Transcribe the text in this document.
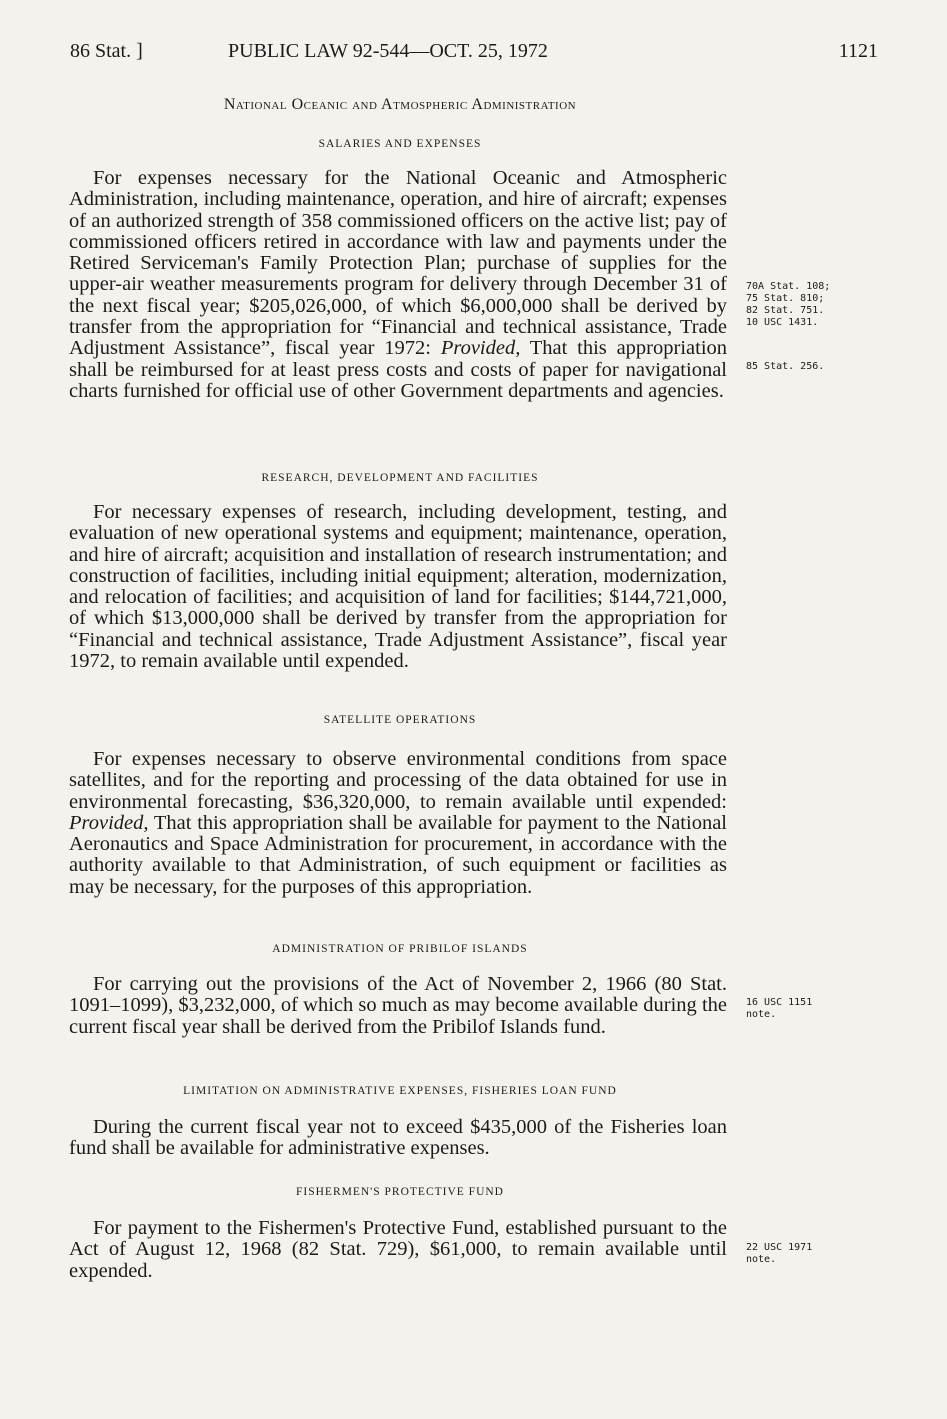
86 Stat. ]	PUBLIC LAW 92-544—OCT. 25, 1972	1121
National Oceanic and Atmospheric Administration
SALARIES AND EXPENSES

For expenses necessary for the National Oceanic and Atmospheric Administration, including maintenance, operation, and hire of aircraft; expenses of an authorized strength of 358 commissioned officers on the active list; pay of commissioned officers retired in accordance with law and payments under the Retired Serviceman's Family Protection Plan; purchase of supplies for the upper-air weather measurements program for delivery through December 31 of the next fiscal year; $205,026,000, of which $6,000,000 shall be derived by transfer from the appropriation for “Financial and technical assistance, Trade Adjustment Assistance”, fiscal year 1972: Provided, That this appropriation shall be reimbursed for at least press costs and costs of paper for navigational charts furnished for official use of other Government departments and agencies.

70A Stat. 108;
75 Stat. 810;
82 Stat. 751.
10 USC 1431.
85 Stat. 256.
RESEARCH, DEVELOPMENT AND FACILITIES

For necessary expenses of research, including development, testing, and evaluation of new operational systems and equipment; maintenance, operation, and hire of aircraft; acquisition and installation of research instrumentation; and construction of facilities, including initial equipment; alteration, modernization, and relocation of facilities; and acquisition of land for facilities; $144,721,000, of which $13,000,000 shall be derived by transfer from the appropriation for “Financial and technical assistance, Trade Adjustment Assistance”, fiscal year 1972, to remain available until expended.

SATELLITE OPERATIONS

For expenses necessary to observe environmental conditions from space satellites, and for the reporting and processing of the data obtained for use in environmental forecasting, $36,320,000, to remain available until expended: Provided, That this appropriation shall be available for payment to the National Aeronautics and Space Administration for procurement, in accordance with the authority available to that Administration, of such equipment or facilities as may be necessary, for the purposes of this appropriation.

ADMINISTRATION OF PRIBILOF ISLANDS

For carrying out the provisions of the Act of November 2, 1966 (80 Stat. 1091–1099), $3,232,000, of which so much as may become available during the current fiscal year shall be derived from the Pribilof Islands fund.

16 USC 1151
note.
LIMITATION ON ADMINISTRATIVE EXPENSES, FISHERIES LOAN FUND

During the current fiscal year not to exceed $435,000 of the Fisheries loan fund shall be available for administrative expenses.

FISHERMEN'S PROTECTIVE FUND

For payment to the Fishermen's Protective Fund, established pursuant to the Act of August 12, 1968 (82 Stat. 729), $61,000, to remain available until expended.

22 USC 1971
note.
